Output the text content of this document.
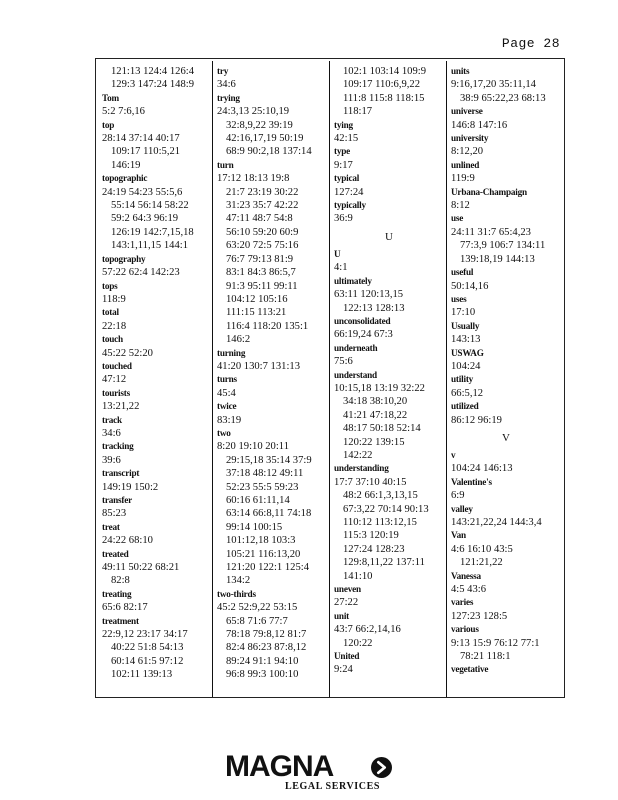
Page 28
121:13 124:4 126:4
129:3 147:24 148:9
Tom
5:2 7:6,16
top
28:14 37:14 40:17
109:17 110:5,21
146:19
topographic
24:19 54:23 55:5,6
55:14 56:14 58:22
59:2 64:3 96:19
126:19 142:7,15,18
143:1,11,15 144:1
topography
57:22 62:4 142:23
tops
118:9
total
22:18
touch
45:22 52:20
touched
47:12
tourists
13:21,22
track
34:6
tracking
39:6
transcript
149:19 150:2
transfer
85:23
treat
24:22 68:10
treated
49:11 50:22 68:21
82:8
treating
65:6 82:17
treatment
22:9,12 23:17 34:17
40:22 51:8 54:13
60:14 61:5 97:12
102:11 139:13
try
34:6
trying
24:3,13 25:10,19
32:8,9,22 39:19
42:16,17,19 50:19
68:9 90:2,18 137:14
turn
17:12 18:13 19:8
21:7 23:19 30:22
31:23 35:7 42:22
47:11 48:7 54:8
56:10 59:20 60:9
63:20 72:5 75:16
76:7 79:13 81:9
83:1 84:3 86:5,7
91:3 95:11 99:11
104:12 105:16
111:15 113:21
116:4 118:20 135:1
146:2
turning
41:20 130:7 131:13
turns
45:4
twice
83:19
two
8:20 19:10 20:11
29:15,18 35:14 37:9
37:18 48:12 49:11
52:23 55:5 59:23
60:16 61:11,14
63:14 66:8,11 74:18
99:14 100:15
101:12,18 103:3
105:21 116:13,20
121:20 122:1 125:4
134:2
two-thirds
45:2 52:9,22 53:15
65:8 71:6 77:7
78:18 79:8,12 81:7
82:4 86:23 87:8,12
89:24 91:1 94:10
96:8 99:3 100:10
102:1 103:14 109:9
109:17 110:6,9,22
111:8 115:8 118:15
118:17
tying
42:15
type
9:17
typical
127:24
typically
36:9
U
U
4:1
ultimately
63:11 120:13,15
122:13 128:13
unconsolidated
66:19,24 67:3
underneath
75:6
understand
10:15,18 13:19 32:22
34:18 38:10,20
41:21 47:18,22
48:17 50:18 52:14
120:22 139:15
142:22
understanding
17:7 37:10 40:15
48:2 66:1,3,13,15
67:3,22 70:14 90:13
110:12 113:12,15
115:3 120:19
127:24 128:23
129:8,11,22 137:11
141:10
uneven
27:22
unit
43:7 66:2,14,16
120:22
United
9:24
units
9:16,17,20 35:11,14
38:9 65:22,23 68:13
universe
146:8 147:16
university
8:12,20
unlined
119:9
Urbana-Champaign
8:12
use
24:11 31:7 65:4,23
77:3,9 106:7 134:11
139:18,19 144:13
useful
50:14,16
uses
17:10
Usually
143:13
USWAG
104:24
utility
66:5,12
utilized
86:12 96:19
V
v
104:24 146:13
Valentine's
6:9
valley
143:21,22,24 144:3,4
Van
4:6 16:10 43:5
121:21,22
Vanessa
4:5 43:6
varies
127:23 128:5
various
9:13 15:9 76:12 77:1
78:21 118:1
vegetative
MAGNA
LEGAL SERVICES
